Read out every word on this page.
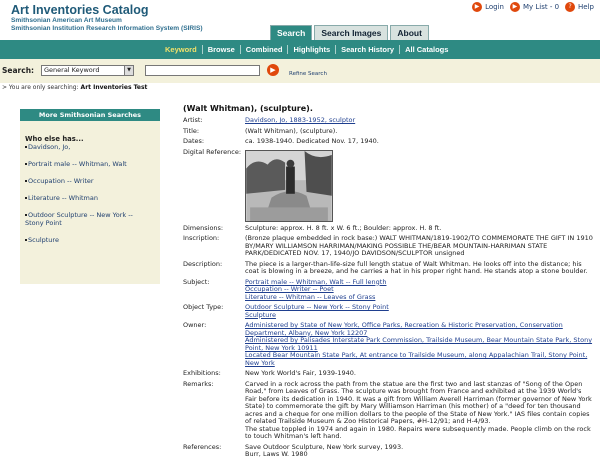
Art Inventories Catalog
Smithsonian American Art Museum
Smithsonian Institution Research Information System (SIRIS)
▶ Login	▶ My List - 0	? Help
Search	Search Images	About
Keyword	Browse	Combined	Highlights	Search History	All Catalogs
Search:	General Keyword	▼	▶	Refine Search
> You are only searching: Art Inventories Test
More Smithsonian Searches
Who else has...
Davidson, Jo,
Portrait male -- Whitman, Walt
Occupation -- Writer
Literature -- Whitman
Outdoor Sculpture -- New York -- Stony Point
Sculpture
(Walt Whitman), (sculpture).
Artist:	Davidson, Jo, 1883-1952, sculptor
Title:	(Walt Whitman), (sculpture).
Dates:	ca. 1938-1940. Dedicated Nov. 17, 1940.
Digital Reference:
Dimensions:	Sculpture: approx. H. 8 ft. x W. 6 ft.; Boulder: approx. H. 8 ft.
Inscription:	(Bronze plaque embedded in rock base:) WALT WHITMAN/1819-1902/TO COMMEMORATE THE GIFT IN 1910 BY/MARY WILLIAMSON HARRIMAN/MAKING POSSIBLE THE/BEAR MOUNTAIN-HARRIMAN STATE PARK/DEDICATED NOV. 17, 1940/JO DAVIDSON/SCULPTOR unsigned
Description:	The piece is a larger-than-life-size full length statue of Walt Whitman. He looks off into the distance; his coat is blowing in a breeze, and he carries a hat in his proper right hand. He stands atop a stone boulder.
Subject:	Portrait male -- Whitman, Walt -- Full length
Occupation -- Writer -- Poet
Literature -- Whitman -- Leaves of Grass
Object Type:	Outdoor Sculpture -- New York -- Stony Point
Sculpture
Owner:	Administered by State of New York, Office Parks, Recreation & Historic Preservation, Conservation Department, Albany, New York 12207
Administered by Palisades Interstate Park Commission, Trailside Museum, Bear Mountain State Park, Stony Point, New York 10911
Located Bear Mountain State Park, At entrance to Trailside Museum, along Appalachian Trail, Stony Point, New York
Exhibitions:	New York World's Fair, 1939-1940.
Remarks:	Carved in a rock across the path from the statue are the first two and last stanzas of "Song of the Open Road," from Leaves of Grass. The sculpture was brought from France and exhibited at the 1939 World's Fair before its dedication in 1940. It was a gift from William Averell Harriman (former governor of New York State) to commemorate the gift by Mary Williamson Harriman (his mother) of a "deed for ten thousand acres and a cheque for one million dollars to the people of the State of New York." IAS files contain copies of related Trailside Museum & Zoo Historical Papers, #H-12/91; and H-4/93.
The statue toppled in 1974 and again in 1980. Repairs were subsequently made. People climb on the rock to touch Whitman's left hand.
References:	Save Outdoor Sculpture, New York survey, 1993.
Burr, Laws W. 1980
